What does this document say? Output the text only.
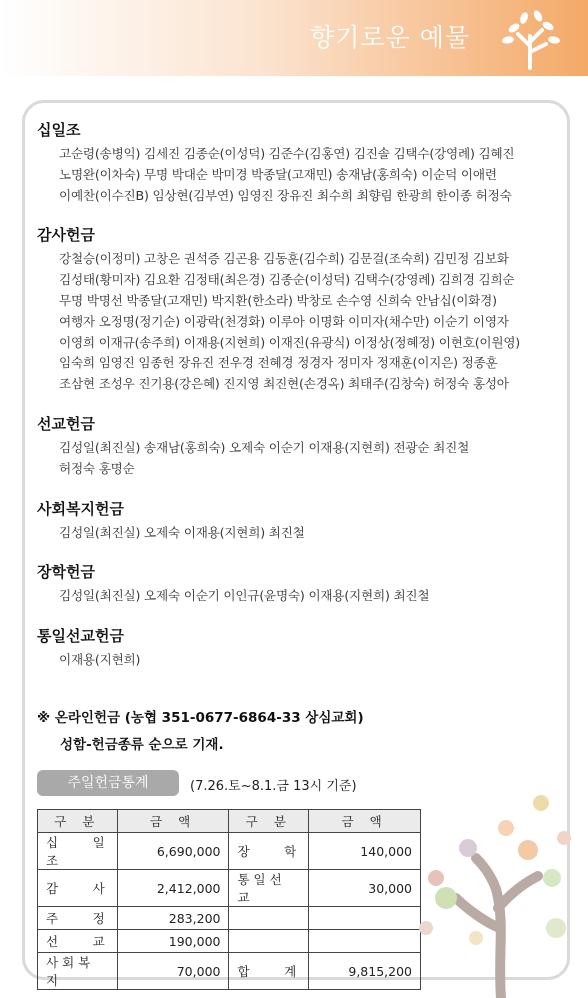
향기로운 예물
십일조
고순령(송병익) 김세진 김종순(이성덕) 김준수(김홍연) 김진솔 김택수(강영례) 김혜진
노명완(이차숙) 무명 박대순 박미경 박종달(고재민) 송재남(홍희숙) 이순덕 이애련
이예찬(이수진B) 임상현(김부연) 임영진 장유진 최수희 최향림 한광희 한이종 허정숙
감사헌금
강철승(이정미) 고창은 권석증 김곤용 김동훈(김수희) 김문걸(조숙희) 김민정 김보화
김성태(황미자) 김요환 김정태(최은경) 김종순(이성덕) 김택수(강영례) 김희경 김희순
무명 박명선 박종달(고재민) 박지환(한소라) 박창로 손수영 신희숙 안남십(이화경)
여행자 오정명(정기순) 이광락(천경화) 이루아 이명화 이미자(채수만) 이순기 이영자
이영희 이재규(송주희) 이재용(지현희) 이재진(유광식) 이정상(정혜정) 이현호(이원영)
임숙희 임영진 임종헌 장유진 전우경 전혜경 정경자 정미자 정재훈(이지은) 정종훈
조삼현 조성우 진기용(강은혜) 진지영 최진현(손경옥) 최태주(김창숙) 허정숙 홍성아
선교헌금
김성일(최진실) 송재남(홍희숙) 오제숙 이순기 이재용(지현희) 전광순 최진철
허정숙 홍명순
사회복지헌금
김성일(최진실) 오제숙 이재용(지현희) 최진철
장학헌금
김성일(최진실) 오제숙 이순기 이인규(윤명숙) 이재용(지현희) 최진철
통일선교헌금
이재용(지현희)
※ 온라인헌금 (농협 351-0677-6864-33 상심교회)
성함-헌금종류 순으로 기재.
주일헌금통계	(7.26.토~8.1.금 13시 기준)
구 분	금 액	구 분	금 액
십 일 조	6,690,000	장 학	140,000
감 사	2,412,000	통일선교	30,000
주 정	283,200		
선 교	190,000		
사회복지	70,000	합 계	9,815,200
